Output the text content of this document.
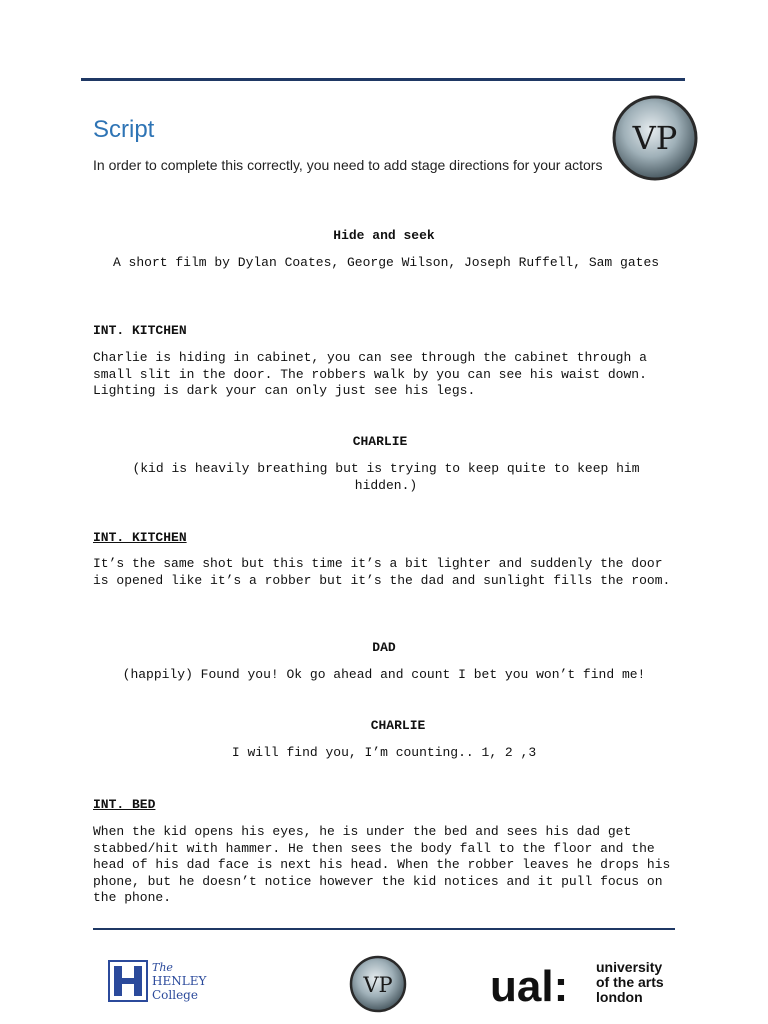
Script
In order to complete this correctly, you need to add stage directions for your actors
VP
Hide and seek
A short film by Dylan Coates, George Wilson, Joseph Ruffell, Sam gates
INT. KITCHEN
Charlie is hiding in cabinet, you can see through the cabinet through a small slit in the door. The robbers walk by you can see his waist down. Lighting is dark your can only just see his legs.
CHARLIE
(kid is heavily breathing but is trying to keep quite to keep him hidden.)
INT. KITCHEN
It’s the same shot but this time it’s a bit lighter and suddenly the door is opened like it’s a robber but it’s the dad and sunlight fills the room.
DAD
(happily) Found you! Ok go ahead and count I bet you won’t find me!
CHARLIE
I will find you, I’m counting.. 1, 2 ,3
INT. BED
When the kid opens his eyes, he is under the bed and sees his dad get stabbed/hit with hammer. He then sees the body fall to the floor and the head of his dad face is next his head. When the robber leaves he drops his phone, but he doesn’t notice however the kid notices and it pull focus on the phone.
The
HENLEY
College	VP ual: university
of the arts
london
